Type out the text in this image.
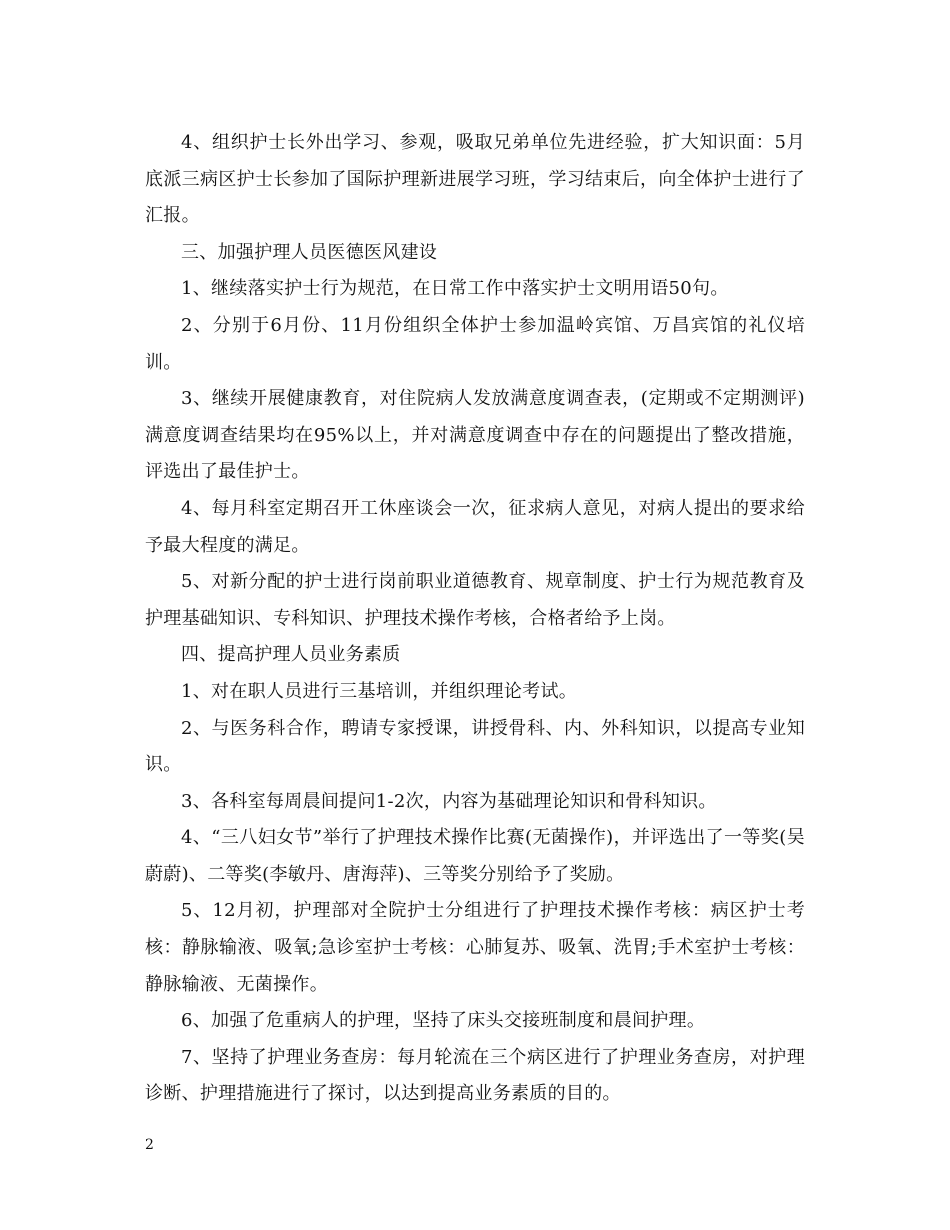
4、组织护士长外出学习、参观，吸取兄弟单位先进经验，扩大知识面：5月底派三病区护士长参加了国际护理新进展学习班，学习结束后，向全体护士进行了汇报。

三、加强护理人员医德医风建设

1、继续落实护士行为规范，在日常工作中落实护士文明用语50句。

2、分别于6月份、11月份组织全体护士参加温岭宾馆、万昌宾馆的礼仪培训。

3、继续开展健康教育，对住院病人发放满意度调查表，(定期或不定期测评)满意度调查结果均在95%以上，并对满意度调查中存在的问题提出了整改措施，评选出了最佳护士。

4、每月科室定期召开工休座谈会一次，征求病人意见，对病人提出的要求给予最大程度的满足。

5、对新分配的护士进行岗前职业道德教育、规章制度、护士行为规范教育及护理基础知识、专科知识、护理技术操作考核，合格者给予上岗。

四、提高护理人员业务素质

1、对在职人员进行三基培训，并组织理论考试。

2、与医务科合作，聘请专家授课，讲授骨科、内、外科知识，以提高专业知识。

3、各科室每周晨间提问1-2次，内容为基础理论知识和骨科知识。

4、“三八妇女节”举行了护理技术操作比赛(无菌操作)，并评选出了一等奖(吴蔚蔚)、二等奖(李敏丹、唐海萍)、三等奖分别给予了奖励。

5、12月初，护理部对全院护士分组进行了护理技术操作考核：病区护士考核：静脉输液、吸氧;急诊室护士考核：心肺复苏、吸氧、洗胃;手术室护士考核：静脉输液、无菌操作。

6、加强了危重病人的护理，坚持了床头交接班制度和晨间护理。

7、坚持了护理业务查房：每月轮流在三个病区进行了护理业务查房，对护理诊断、护理措施进行了探讨，以达到提高业务素质的目的。

2
